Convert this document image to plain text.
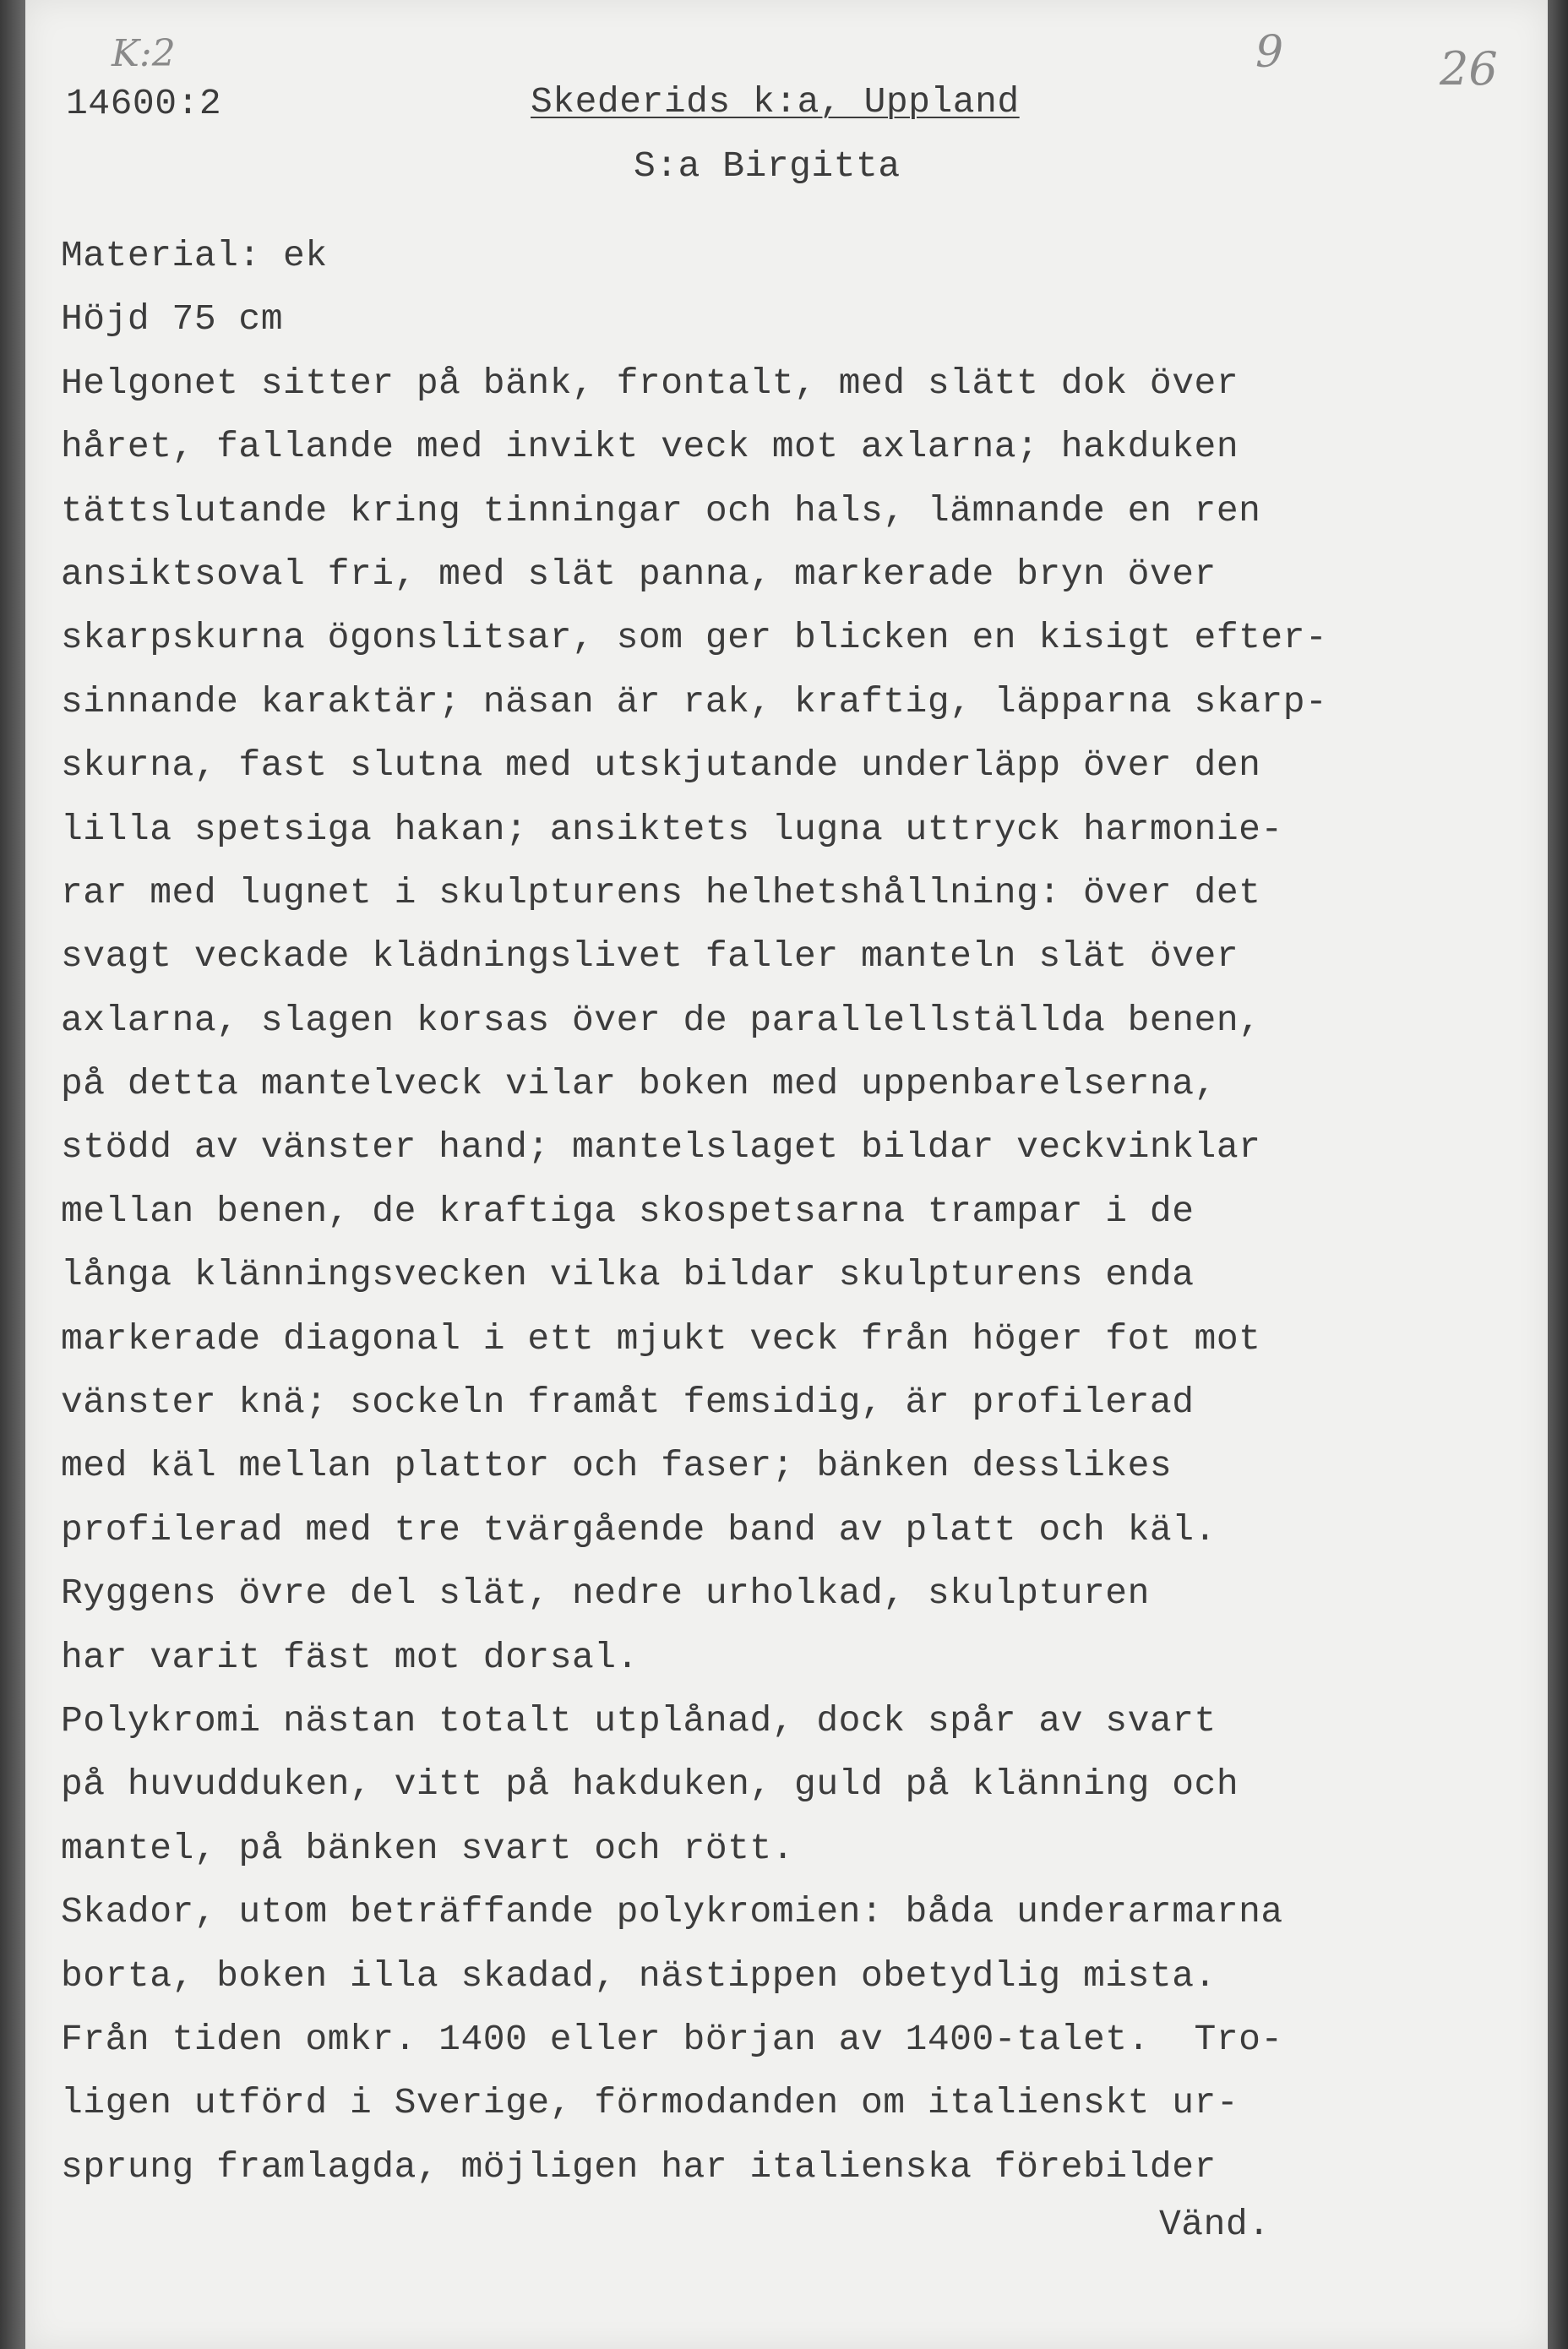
K:2
14600:2	Skederids k:a, Uppland
9	26
S:a Birgitta
Material: ek
Höjd 75 cm
Helgonet sitter på bänk, frontalt, med slätt dok över
håret, fallande med invikt veck mot axlarna; hakduken
tättslutande kring tinningar och hals, lämnande en ren
ansiktsoval fri, med slät panna, markerade bryn över
skarpskurna ögonslitsar, som ger blicken en kisigt efter-
sinnande karaktär; näsan är rak, kraftig, läpparna skarp-
skurna, fast slutna med utskjutande underläpp över den
lilla spetsiga hakan; ansiktets lugna uttryck harmonie-
rar med lugnet i skulpturens helhetshållning: över det
svagt veckade klädningslivet faller manteln slät över
axlarna, slagen korsas över de parallellställda benen,
på detta mantelveck vilar boken med uppenbarelserna,
stödd av vänster hand; mantelslaget bildar veckvinklar
mellan benen, de kraftiga skospetsarna trampar i de
långa klänningsvecken vilka bildar skulpturens enda
markerade diagonal i ett mjukt veck från höger fot mot
vänster knä; sockeln framåt femsidig, är profilerad
med käl mellan plattor och faser; bänken desslikes
profilerad med tre tvärgående band av platt och käl.
Ryggens övre del slät, nedre urholkad, skulpturen
har varit fäst mot dorsal.
Polykromi nästan totalt utplånad, dock spår av svart
på huvudduken, vitt på hakduken, guld på klänning och
mantel, på bänken svart och rött.
Skador, utom beträffande polykromien: båda underarmarna
borta, boken illa skadad, nästippen obetydlig mista.
Från tiden omkr. 1400 eller början av 1400-talet.  Tro-
ligen utförd i Sverige, förmodanden om italienskt ur-
sprung framlagda, möjligen har italienska förebilder
Vänd.
